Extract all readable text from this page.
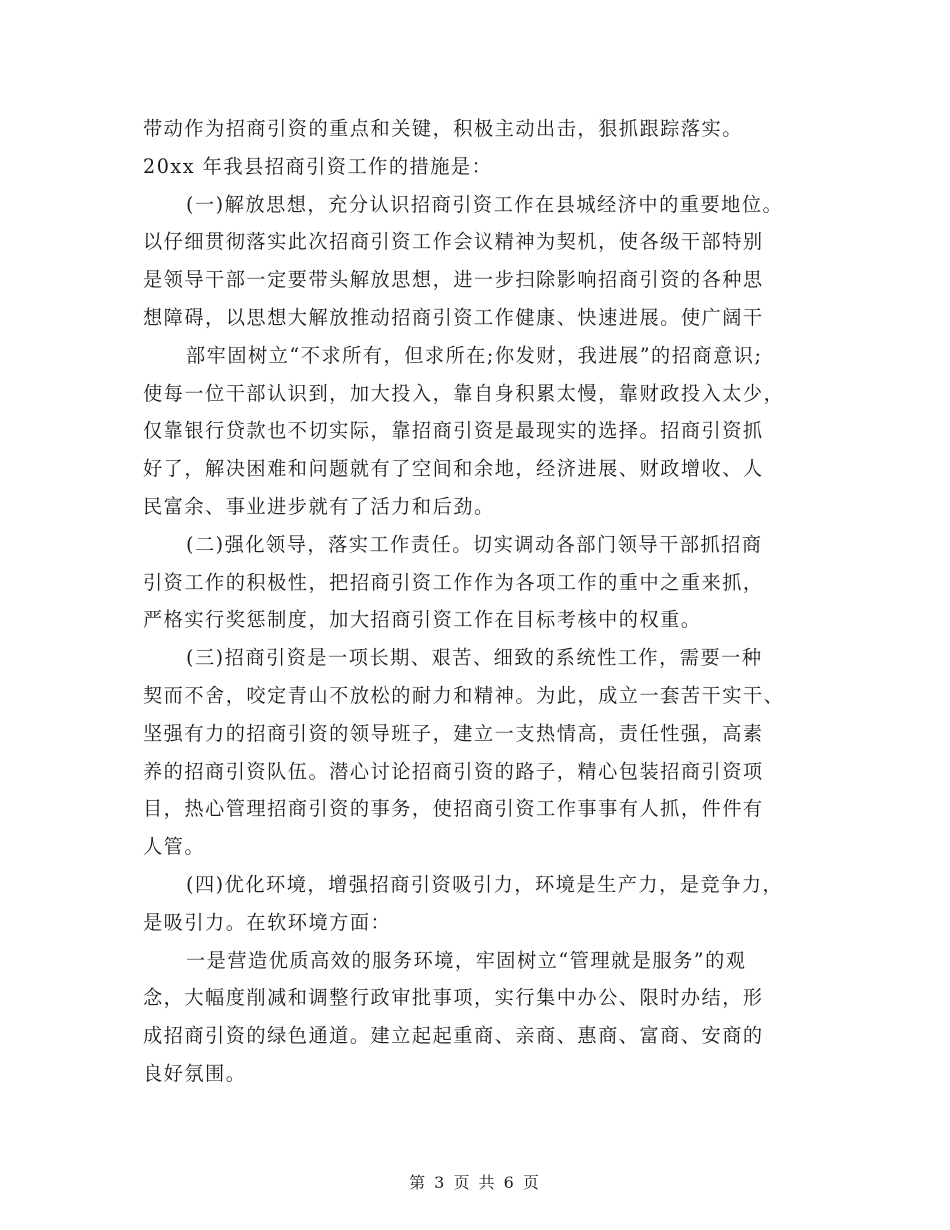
带动作为招商引资的重点和关键，积极主动出击，狠抓跟踪落实。
20xx 年我县招商引资工作的措施是：
(一)解放思想，充分认识招商引资工作在县城经济中的重要地位。
以仔细贯彻落实此次招商引资工作会议精神为契机，使各级干部特别
是领导干部一定要带头解放思想，进一步扫除影响招商引资的各种思
想障碍，以思想大解放推动招商引资工作健康、快速进展。使广阔干
部牢固树立“不求所有，但求所在;你发财，我进展”的招商意识;
使每一位干部认识到，加大投入，靠自身积累太慢，靠财政投入太少，
仅靠银行贷款也不切实际，靠招商引资是最现实的选择。招商引资抓
好了，解决困难和问题就有了空间和余地，经济进展、财政增收、人
民富余、事业进步就有了活力和后劲。
(二)强化领导，落实工作责任。切实调动各部门领导干部抓招商
引资工作的积极性，把招商引资工作作为各项工作的重中之重来抓，
严格实行奖惩制度，加大招商引资工作在目标考核中的权重。
(三)招商引资是一项长期、艰苦、细致的系统性工作，需要一种
契而不舍，咬定青山不放松的耐力和精神。为此，成立一套苦干实干、
坚强有力的招商引资的领导班子，建立一支热情高，责任性强，高素
养的招商引资队伍。潜心讨论招商引资的路子，精心包装招商引资项
目，热心管理招商引资的事务，使招商引资工作事事有人抓，件件有
人管。
(四)优化环境，增强招商引资吸引力，环境是生产力，是竞争力，
是吸引力。在软环境方面：
一是营造优质高效的服务环境，牢固树立“管理就是服务”的观
念，大幅度削减和调整行政审批事项，实行集中办公、限时办结，形
成招商引资的绿色通道。建立起起重商、亲商、惠商、富商、安商的
良好氛围。
第 3 页 共 6 页
